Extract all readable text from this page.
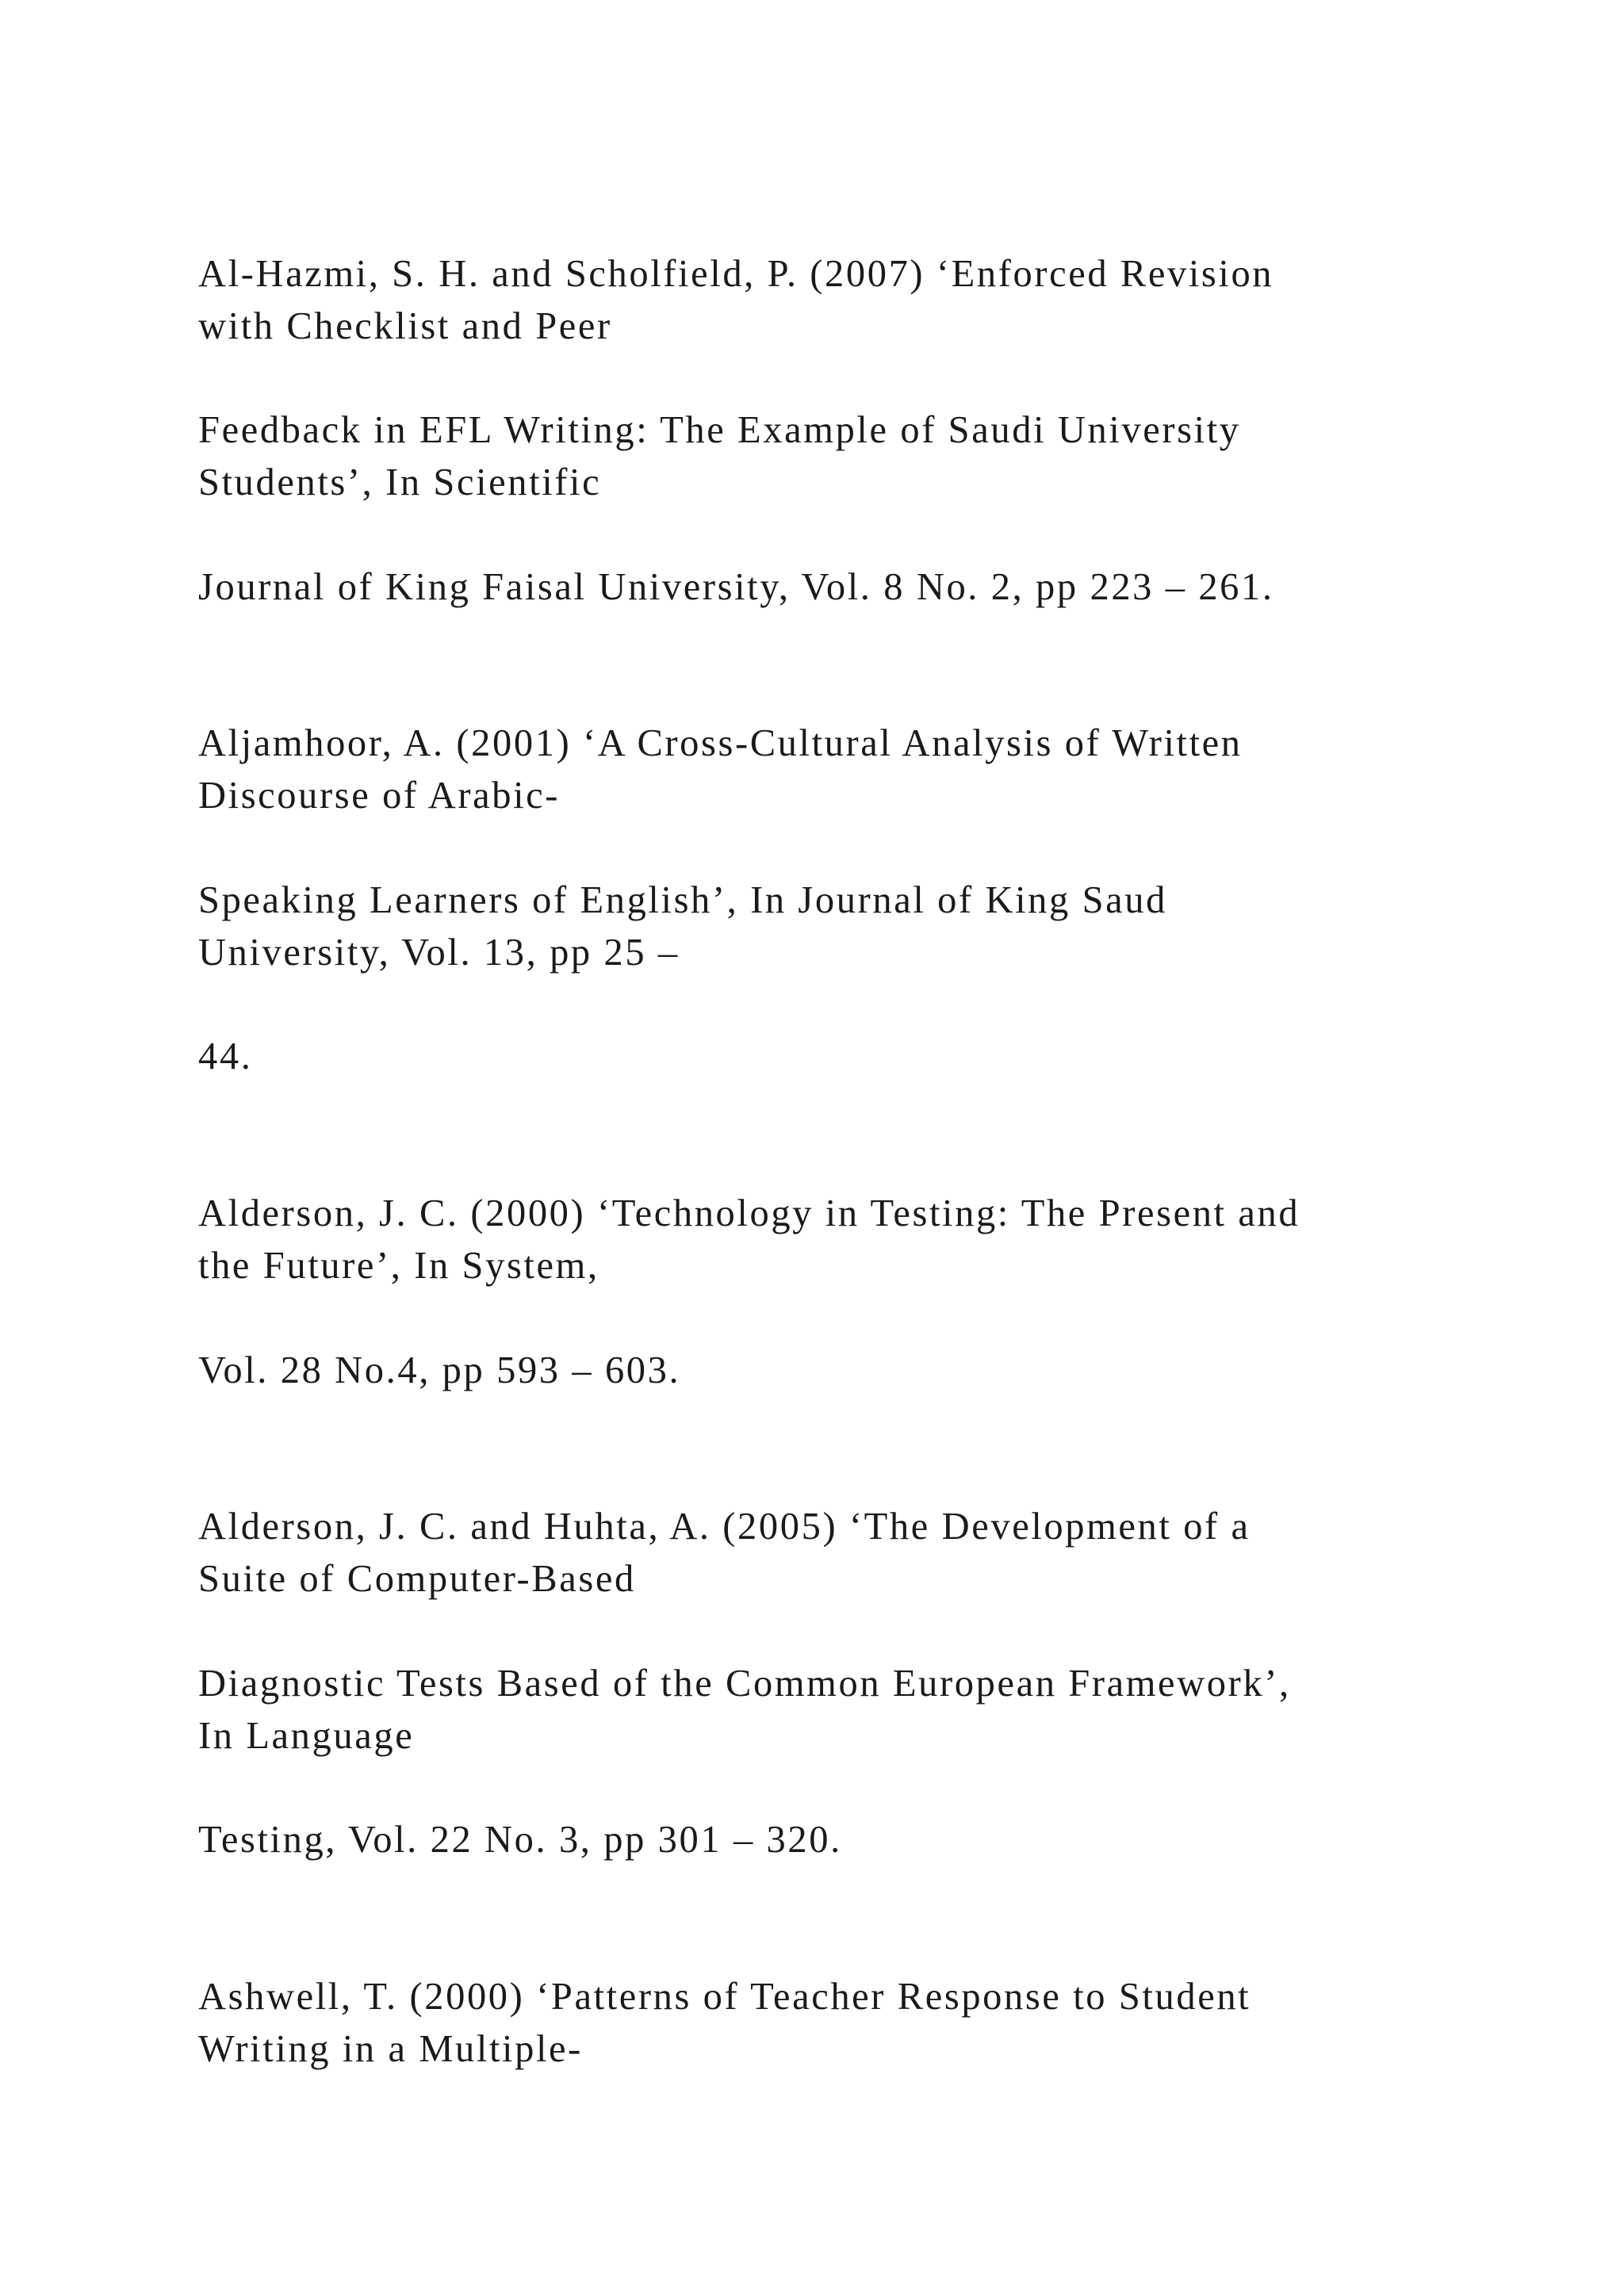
Al-Hazmi, S. H. and Scholfield, P. (2007) ‘Enforced Revision

with Checklist and Peer

Feedback in EFL Writing: The Example of Saudi University

Students’, In Scientific

Journal of King Faisal University, Vol. 8 No. 2, pp 223 – 261.

Aljamhoor, A. (2001) ‘A Cross-Cultural Analysis of Written

Discourse of Arabic-

Speaking Learners of English’, In Journal of King Saud

University, Vol. 13, pp 25 –

44.

Alderson, J. C. (2000) ‘Technology in Testing: The Present and

the Future’, In System,

Vol. 28 No.4, pp 593 – 603.

Alderson, J. C. and Huhta, A. (2005) ‘The Development of a

Suite of Computer-Based

Diagnostic Tests Based of the Common European Framework’,

In Language

Testing, Vol. 22 No. 3, pp 301 – 320.

Ashwell, T. (2000) ‘Patterns of Teacher Response to Student

Writing in a Multiple-
